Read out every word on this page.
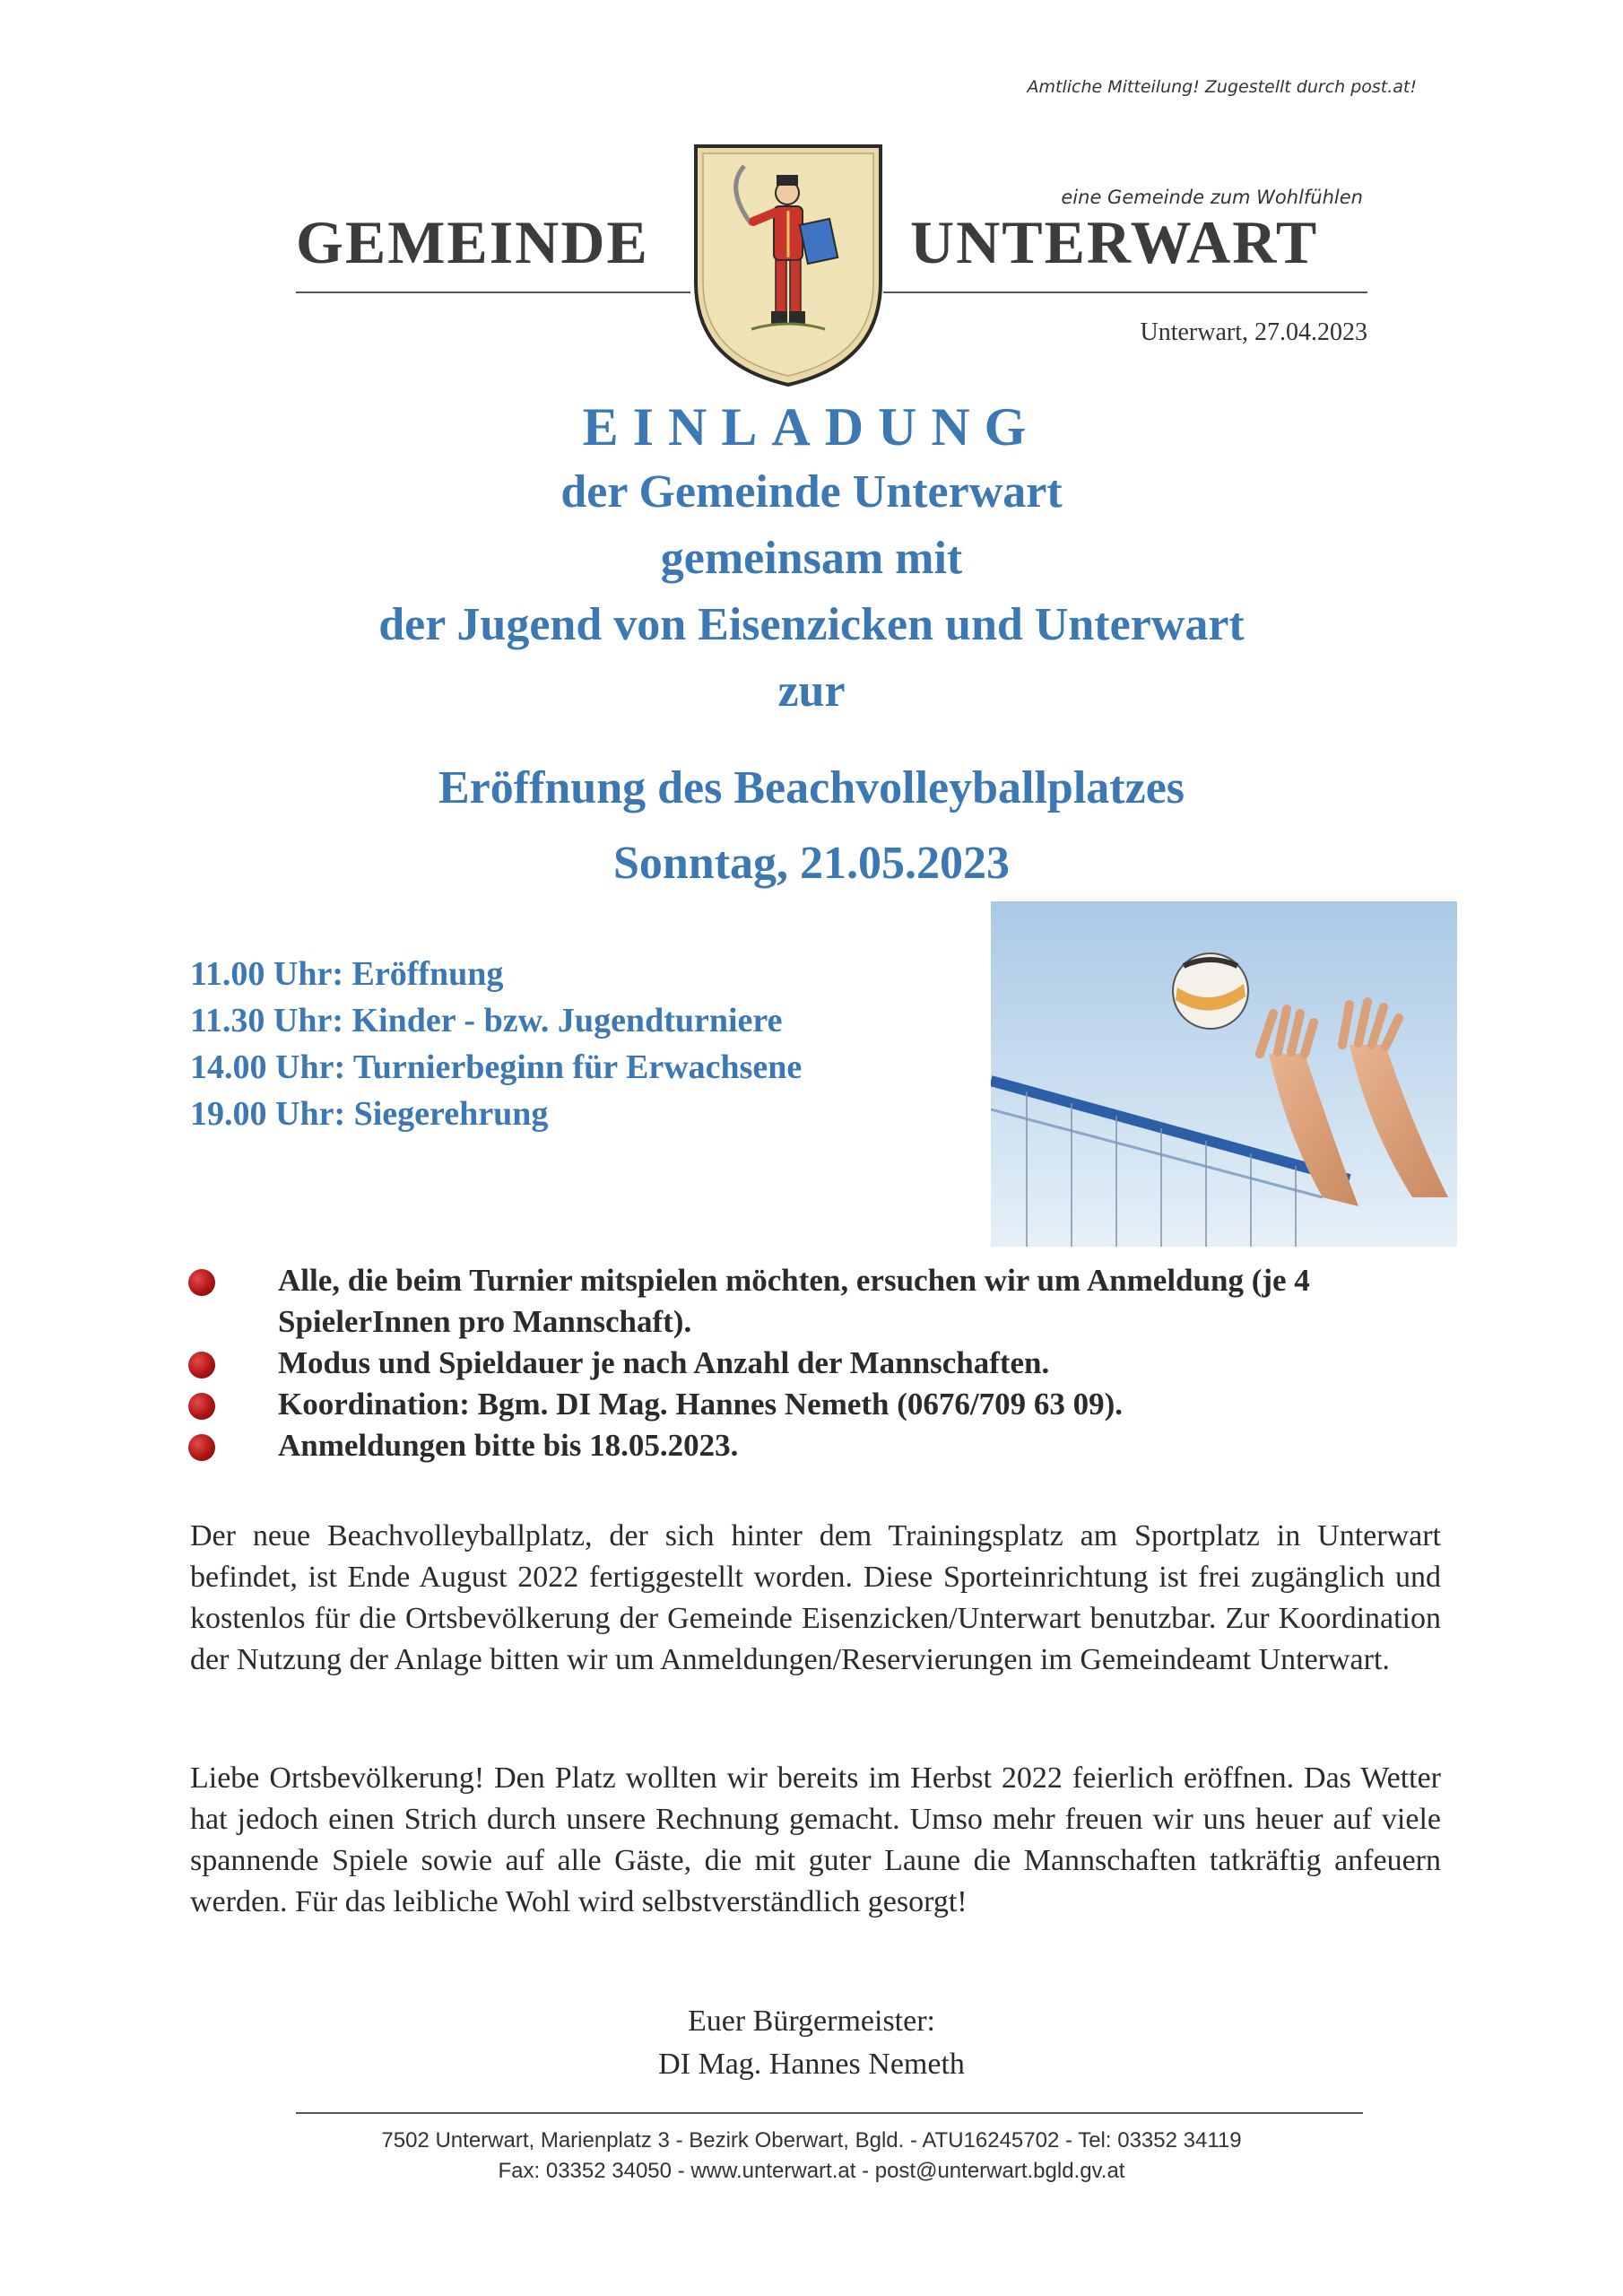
Amtliche Mitteilung! Zugestellt durch post.at!
eine Gemeinde zum Wohlfühlen
GEMEINDE	UNTERWART
Unterwart, 27.04.2023
EINLADUNG
der Gemeinde Unterwart
gemeinsam mit
der Jugend von Eisenzicken und Unterwart
zur
Eröffnung des Beachvolleyballplatzes
Sonntag, 21.05.2023
11.00 Uhr: Eröffnung
11.30 Uhr: Kinder - bzw. Jugendturniere
14.00 Uhr: Turnierbeginn für Erwachsene
19.00 Uhr: Siegerehrung
Alle, die beim Turnier mitspielen möchten, ersuchen wir um Anmeldung (je 4 SpielerInnen pro Mannschaft).
Modus und Spieldauer je nach Anzahl der Mannschaften.
Koordination: Bgm. DI Mag. Hannes Nemeth (0676/709 63 09).
Anmeldungen bitte bis 18.05.2023.
Der neue Beachvolleyballplatz, der sich hinter dem Trainingsplatz am Sportplatz in Unterwart befindet, ist Ende August 2022 fertiggestellt worden. Diese Sporteinrichtung ist frei zugänglich und kostenlos für die Ortsbevölkerung der Gemeinde Eisenzicken/Unterwart benutzbar. Zur Koordination der Nutzung der Anlage bitten wir um Anmeldungen/Reservierungen im Gemeindeamt Unterwart.
Liebe Ortsbevölkerung! Den Platz wollten wir bereits im Herbst 2022 feierlich eröffnen. Das Wetter hat jedoch einen Strich durch unsere Rechnung gemacht. Umso mehr freuen wir uns heuer auf viele spannende Spiele sowie auf alle Gäste, die mit guter Laune die Mannschaften tatkräftig anfeuern werden. Für das leibliche Wohl wird selbstverständlich gesorgt!
Euer Bürgermeister:
DI Mag. Hannes Nemeth
7502 Unterwart, Marienplatz 3 - Bezirk Oberwart, Bgld. - ATU16245702 - Tel: 03352 34119
Fax: 03352 34050 - www.unterwart.at - post@unterwart.bgld.gv.at
